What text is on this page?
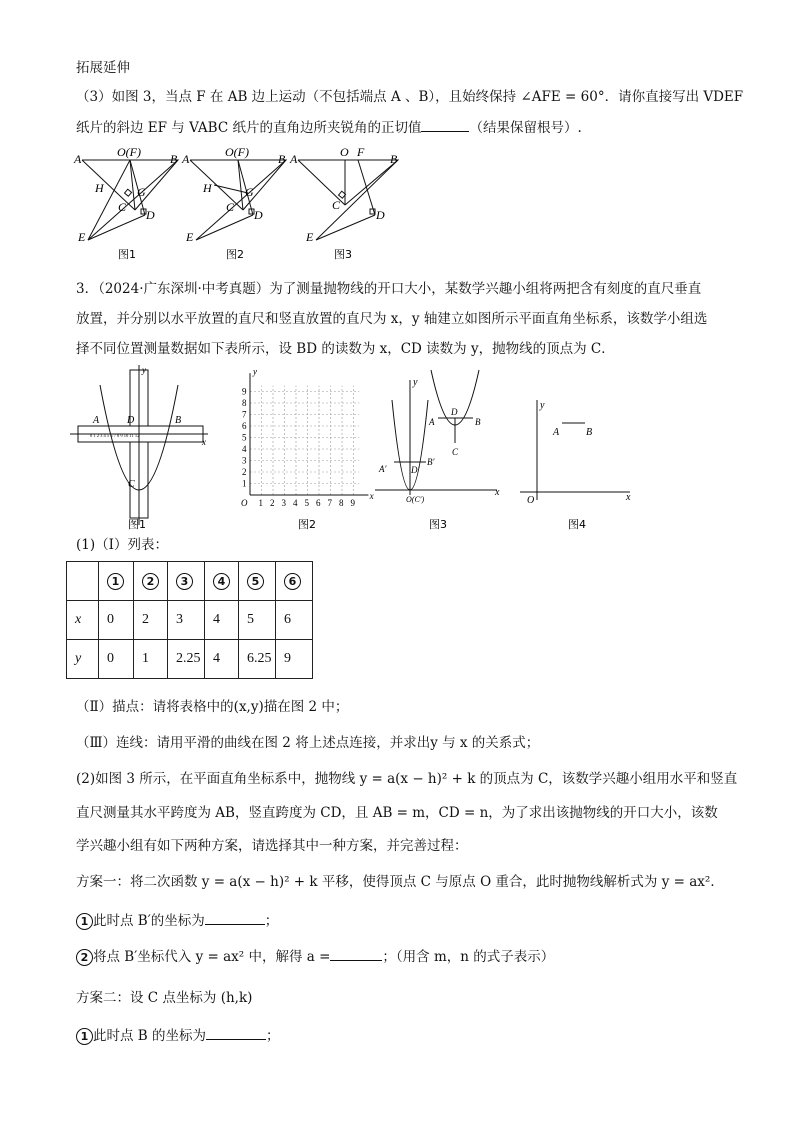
拓展延伸
（3）如图 3，当点 F 在 AB 边上运动（不包括端点 A 、B），且始终保持 ∠AFE = 60°．请你直接写出 VDEF
纸片的斜边 EF 与 VABC 纸片的直角边所夹锐角的正切值	（结果保留根号）.
A	O(F) B
H	G
C
D
E
图1
A	O(F) B
H	G
C
D
E
图2
A	O F B
C
D
E
图3
3．（2024·广东深圳·中考真题）为了测量抛物线的开口大小，某数学兴趣小组将两把含有刻度的直尺垂直
放置，并分别以水平放置的直尺和竖直放置的直尺为 x，y 轴建立如图所示平面直角坐标系，该数学小组选
择不同位置测量数据如下表所示，设 BD 的读数为 x，CD 读数为 y，抛物线的顶点为 C．
y
x
A	D	B
C
0 1 2 3 4 5 6 7 8 9 10 11 12
图1
9
8
7
6
5
4
3
2
1
O 1 2 3 4 5 6 7 8 9
x
y
图2
y
x
A′	D′
B′
A
D
B
C
O(C′)
图3
y
x
A	B
O
图4
(1)（Ⅰ）列表：
	1	2	3	4	5	6
x	0	2	3	4	5	6
y	0	1	2.25	4	6.25	9
（Ⅱ）描点：请将表格中的(x,y)描在图 2 中；
（Ⅲ）连线：请用平滑的曲线在图 2 将上述点连接，并求出y 与 x 的关系式；
(2)如图 3 所示，在平面直角坐标系中，抛物线 y = a(x − h)² + k 的顶点为 C，该数学兴趣小组用水平和竖直
直尺测量其水平跨度为 AB，竖直跨度为 CD，且 AB = m，CD = n，为了求出该抛物线的开口大小，该数
学兴趣小组有如下两种方案，请选择其中一种方案，并完善过程：
方案一：将二次函数 y = a(x − h)² + k 平移，使得顶点 C 与原点 O 重合，此时抛物线解析式为 y = ax²．
1 此时点 B′的坐标为	；
2 将点 B′坐标代入 y = ax² 中，解得 a =	；（用含 m，n 的式子表示）
方案二：设 C 点坐标为 (h,k)
1 此时点 B 的坐标为	；
